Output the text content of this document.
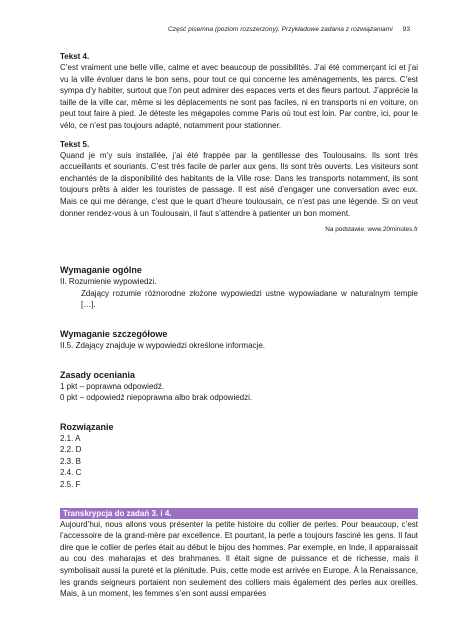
Część pisemna (poziom rozszerzony). Przykładowe zadania z rozwiązaniami 93

Tekst 4.

C’est vraiment une belle ville, calme et avec beaucoup de possibilités. J’ai été commerçant ici et j’ai vu la ville évoluer dans le bon sens, pour tout ce qui concerne les aménagements, les parcs. C’est sympa d’y habiter, surtout que l’on peut admirer des espaces verts et des fleurs partout. J’apprécie la taille de la ville car, même si les déplacements ne sont pas faciles, ni en transports ni en voiture, on peut tout faire à pied. Je déteste les mégapoles comme Paris où tout est loin. Par contre, ici, pour le vélo, ce n’est pas toujours adapté, notamment pour stationner.

Tekst 5.

Quand je m’y suis installée, j’ai été frappée par la gentillesse des Toulousains. Ils sont très accueillants et souriants. C’est très facile de parler aux gens. Ils sont très ouverts. Les visiteurs sont enchantés de la disponibilité des habitants de la Ville rose. Dans les transports notamment, ils sont toujours prêts à aider les touristes de passage. Il est aisé d’engager une conversation avec eux. Mais ce qui me dérange, c’est que le quart d’heure toulousain, ce n’est pas une légende. Si on veut donner rendez-vous à un Toulousain, il faut s’attendre à patienter un bon moment.

Na podstawie: www.20minutes.fr

Wymaganie ogólne

II. Rozumienie wypowiedzi.

Zdający rozumie różnorodne złożone wypowiedzi ustne wypowiadane w naturalnym tempie […].

Wymaganie szczegółowe

II.5. Zdający znajduje w wypowiedzi określone informacje.

Zasady oceniania

1 pkt – poprawna odpowiedź.

0 pkt – odpowiedź niepoprawna albo brak odpowiedzi.

Rozwiązanie

2.1. A

2.2. D

2.3. B

2.4. C

2.5. F

Transkrypcja do zadań 3. i 4.

Aujourd’hui, nous allons vous présenter la petite histoire du collier de perles. Pour beaucoup, c’est l’accessoire de la grand-mère par excellence. Et pourtant, la perle a toujours fasciné les gens. Il faut dire que le collier de perles était au début le bijou des hommes. Par exemple, en Inde, il apparaissait au cou des maharajas et des brahmanes. Il était signe de puissance et de richesse, mais il symbolisait aussi la pureté et la plénitude. Puis, cette mode est arrivée en Europe. À la Renaissance, les grands seigneurs portaient non seulement des colliers mais également des perles aux oreilles. Mais, à un moment, les femmes s’en sont aussi emparées
